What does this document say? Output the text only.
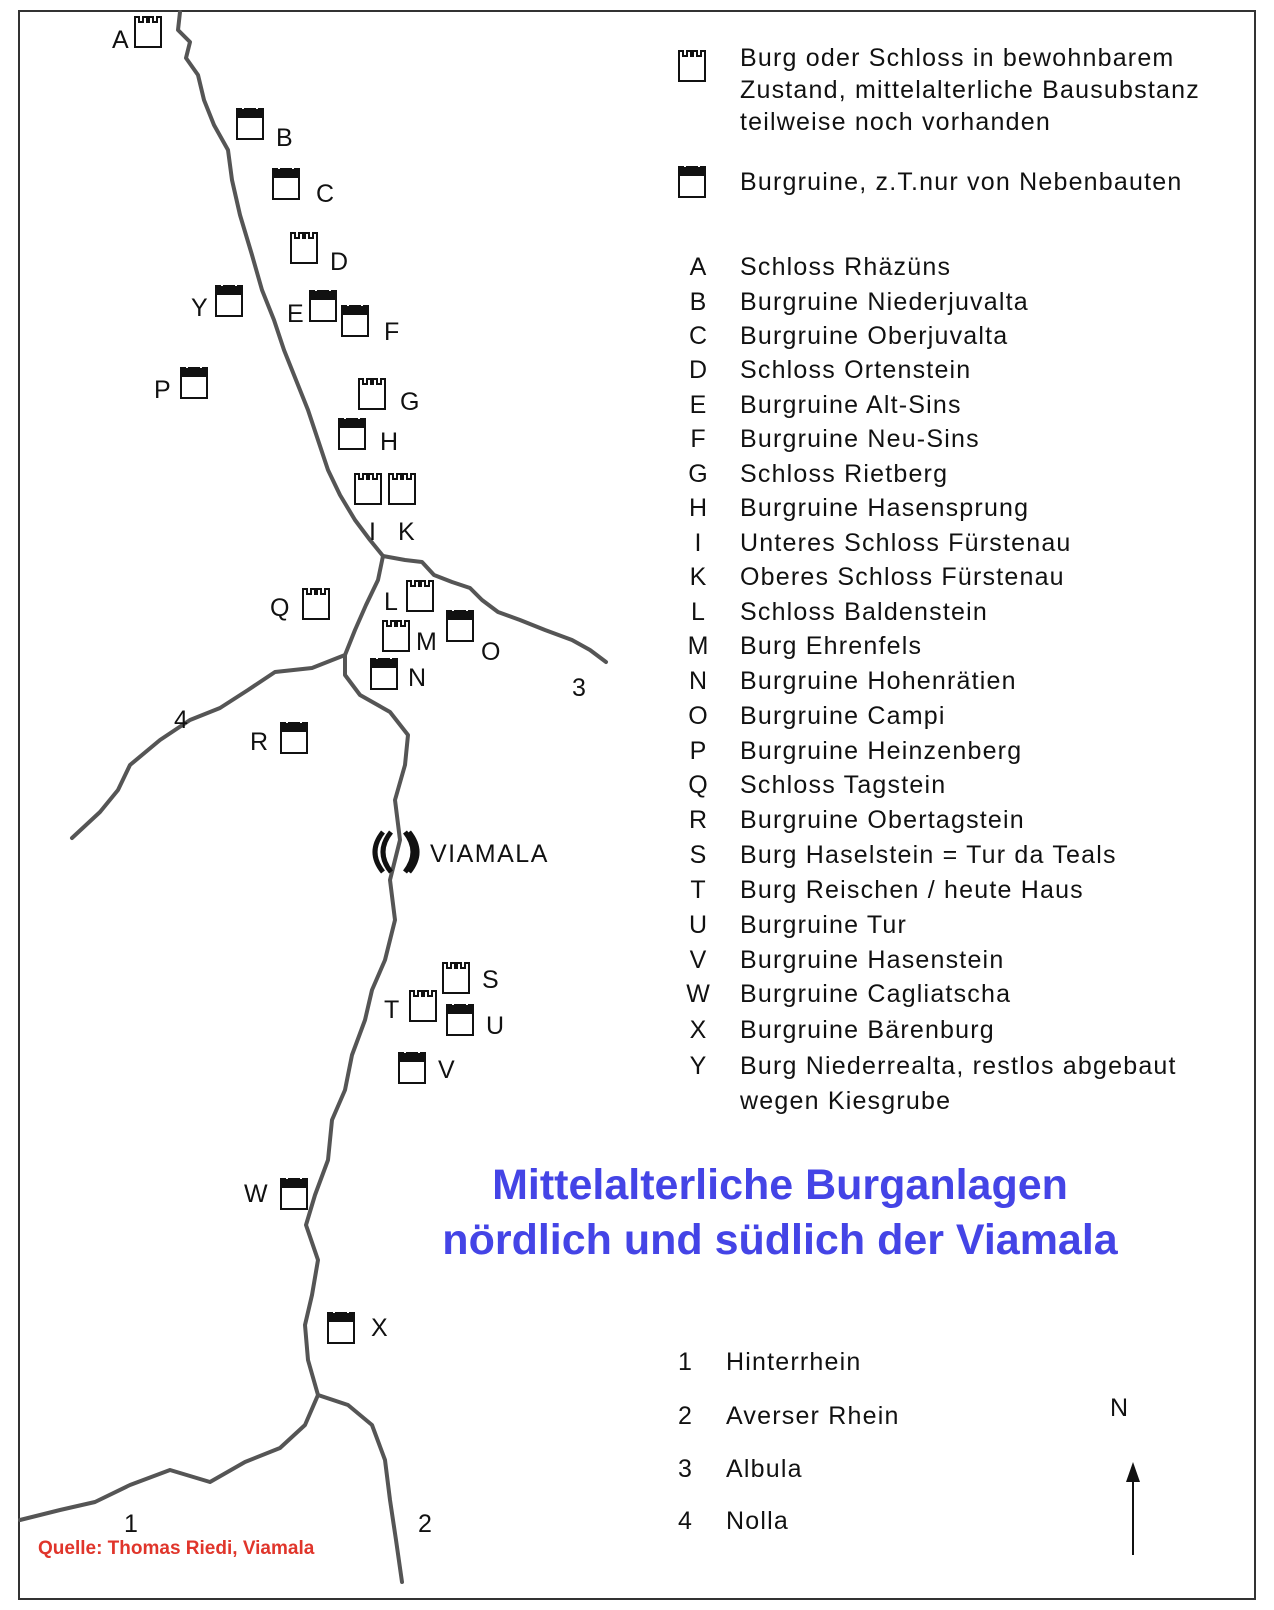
A
B
C
D
Y	E
F
P	G
H
I K
Q	L
M O
N
R
S
T
U
V
W
X
1	2
3
4
VIAMALA
Burg oder Schloss in bewohnbarem
Zustand, mittelalterliche Bausubstanz
teilweise noch vorhanden
Burgruine, z.T.nur von Nebenbauten
A Schloss Rhäzüns
B Burgruine Niederjuvalta
C Burgruine Oberjuvalta
D Schloss Ortenstein
E Burgruine Alt-Sins
F Burgruine Neu-Sins
G Schloss Rietberg
H Burgruine Hasensprung
I	Unteres Schloss Fürstenau
K Oberes Schloss Fürstenau
L	Schloss Baldenstein
M Burg Ehrenfels
N Burgruine Hohenrätien
O Burgruine Campi
P Burgruine Heinzenberg
Q Schloss Tagstein
R Burgruine Obertagstein
S Burg Haselstein = Tur da Teals
T Burg Reischen / heute Haus
U Burgruine Tur
V Burgruine Hasenstein
W Burgruine Cagliatscha
X Burgruine Bärenburg
Y Burg Niederrealta, restlos abgebaut
wegen Kiesgrube
Mittelalterliche Burganlagen
nördlich und südlich der Viamala
1	Hinterrhein
2	Averser Rhein
3	Albula
4	Nolla
N
Quelle: Thomas Riedi, Viamala
